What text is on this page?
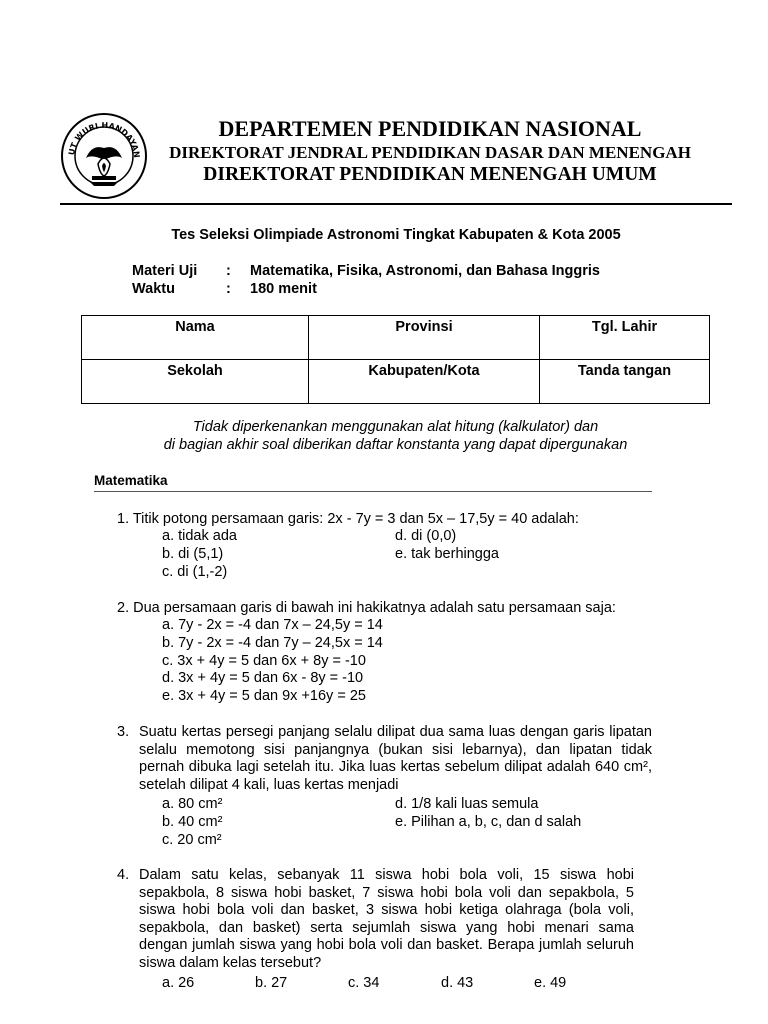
UT WURI HANDAYAN
DEPARTEMEN PENDIDIKAN NASIONAL
DIREKTORAT JENDRAL PENDIDIKAN DASAR DAN MENENGAH
DIREKTORAT PENDIDIKAN MENENGAH UMUM
Tes Seleksi Olimpiade Astronomi Tingkat Kabupaten & Kota 2005
Materi Uji : Matematika, Fisika, Astronomi, dan Bahasa Inggris
Waktu	: 180 menit
Nama	Provinsi	Tgl. Lahir
Sekolah	Kabupaten/Kota	Tanda tangan
Tidak diperkenankan menggunakan alat hitung (kalkulator) dan
di bagian akhir soal diberikan daftar konstanta yang dapat dipergunakan
Matematika
1. Titik potong persamaan garis: 2x - 7y = 3 dan 5x – 17,5y = 40 adalah:
a. tidak ada
b. di (5,1)
c. di (1,-2)
d. di (0,0)
e. tak berhingga
2. Dua persamaan garis di bawah ini hakikatnya adalah satu persamaan saja:
a. 7y - 2x = -4 dan 7x – 24,5y = 14
b. 7y - 2x = -4 dan 7y – 24,5x = 14
c. 3x + 4y = 5 dan 6x + 8y = -10
d. 3x + 4y = 5 dan 6x - 8y = -10
e. 3x + 4y = 5 dan 9x +16y = 25
3. Suatu kertas persegi panjang selalu dilipat dua sama luas dengan garis lipatan selalu memotong sisi panjangnya (bukan sisi lebarnya), dan lipatan tidak pernah dibuka lagi setelah itu. Jika luas kertas sebelum dilipat adalah 640 cm², setelah dilipat 4 kali, luas kertas menjadi
a. 80 cm²
b. 40 cm²
c. 20 cm²
d. 1/8 kali luas semula
e. Pilihan a, b, c, dan d salah
4. Dalam satu kelas, sebanyak 11 siswa hobi bola voli, 15 siswa hobi sepakbola, 8 siswa hobi basket, 7 siswa hobi bola voli dan sepakbola, 5 siswa hobi bola voli dan basket, 3 siswa hobi ketiga olahraga (bola voli, sepakbola, dan basket) serta sejumlah siswa yang hobi menari sama dengan jumlah siswa yang hobi bola voli dan basket. Berapa jumlah seluruh siswa dalam kelas tersebut?
a. 26	b. 27	c. 34	d. 43	e. 49
